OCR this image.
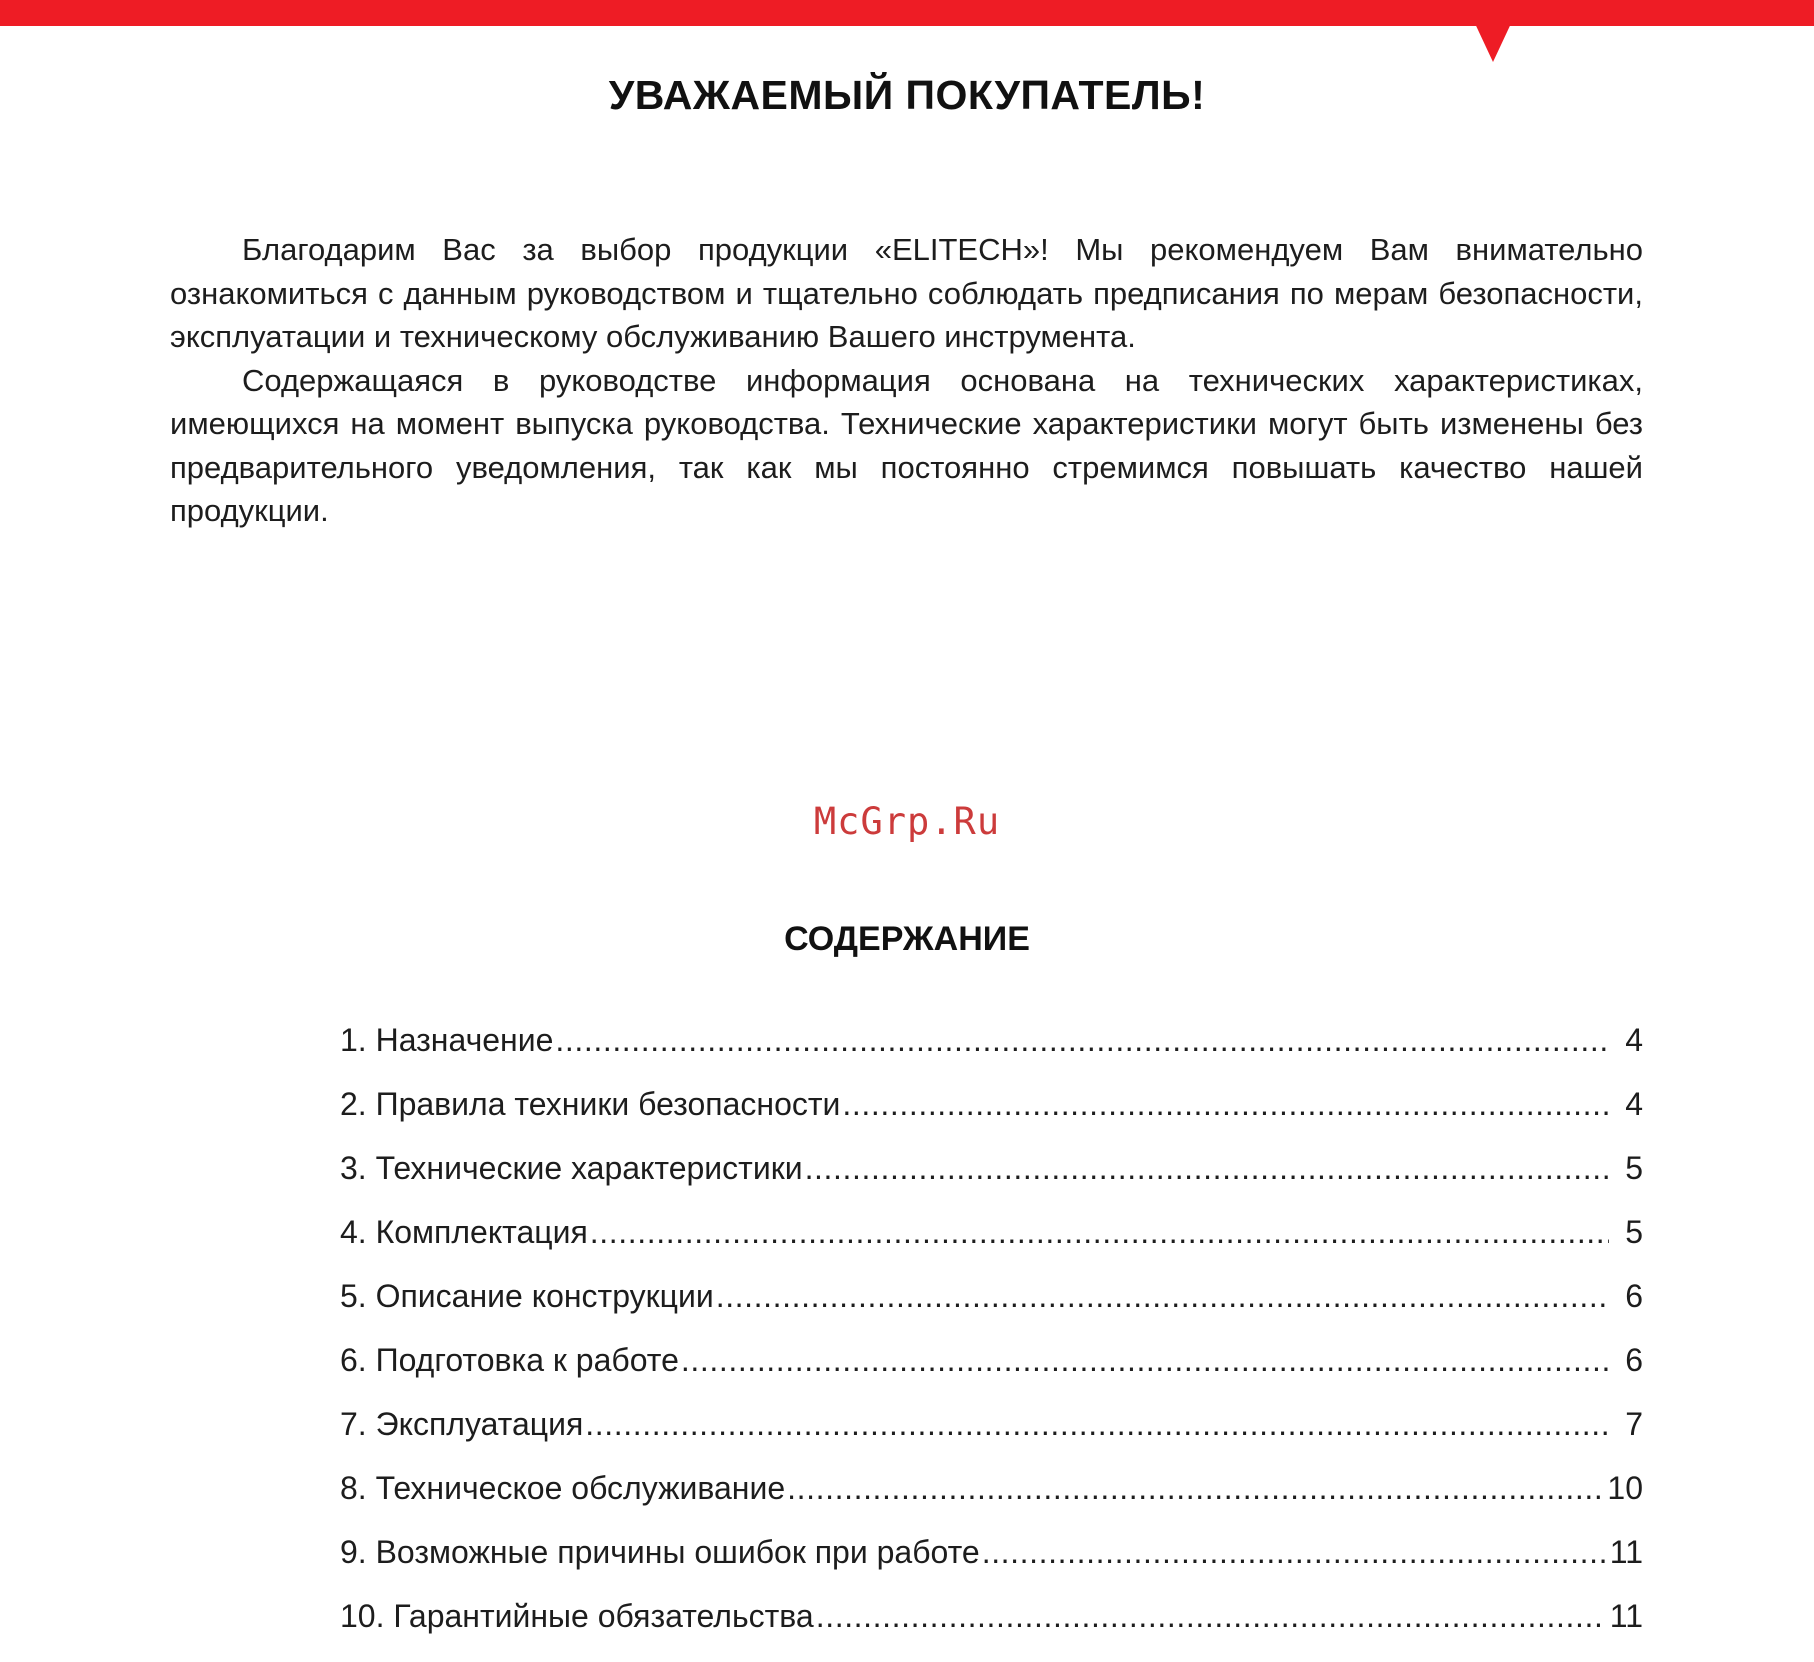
УВАЖАЕМЫЙ ПОКУПАТЕЛЬ!

Благодарим Вас за выбор продукции «ELITECH»! Мы рекомендуем Вам внимательно ознакомиться с данным руководством и тщательно соблюдать предписания по мерам безопасности, эксплуатации и техническому обслуживанию Вашего инструмента.

Содержащаяся в руководстве информация основана на технических характеристиках, имеющихся на момент выпуска руководства. Технические характеристики могут быть изменены без предварительного уведомления, так как мы постоянно стремимся повышать качество нашей продукции.

McGrp.Ru
СОДЕРЖАНИЕ
1. Назначение .....	4
2. Правила техники безопасности .....	4
3. Технические характеристики .....	5
4. Комплектация .....	5
5. Описание конструкции .....	6
6. Подготовка к работе .....	6
7. Эксплуатация .....	7
8. Техническое обслуживание .....	10
9. Возможные причины ошибок при работе .....	11
10. Гарантийные обязательства .....	11
